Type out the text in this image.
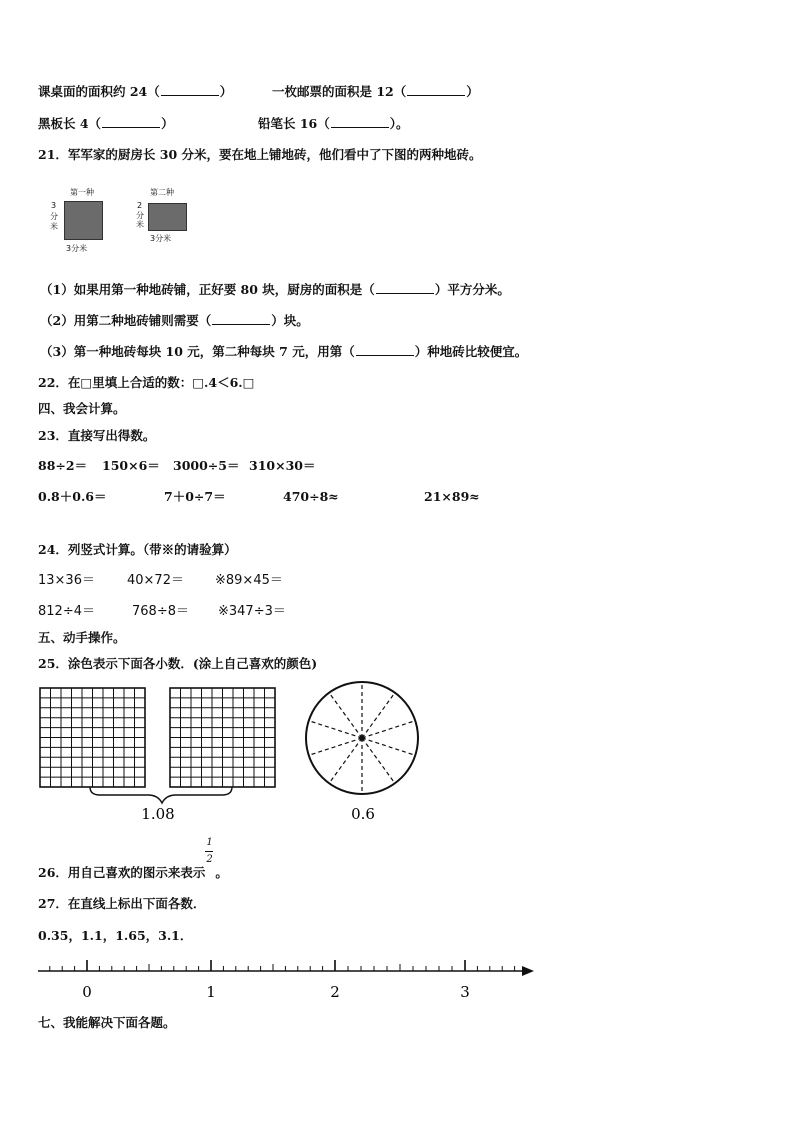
课桌面的面积约 24（	）	一枚邮票的面积是 12（	）
黑板长 4（	）	铅笔长 16（	）。
21．军军家的厨房长 30 分米，要在地上铺地砖，他们看中了下图的两种地砖。
第一种
3
分
米
3分米
第二种
2
分
米
3分米
（1）如果用第一种地砖铺，正好要 80 块，厨房的面积是（	）平方分米。
（2）用第二种地砖铺则需要（	）块。
（3）第一种地砖每块 10 元，第二种每块 7 元，用第（	）种地砖比较便宜。
22．在□里填上合适的数：□.4＜6.□
四、我会计算。
23．直接写出得数。
88÷2＝ 150×6＝ 3000÷5＝ 310×30＝
0.8＋0.6＝	7＋0÷7＝	470÷8≈	21×89≈
24．列竖式计算。（带※的请验算）
13×36＝ 40×72＝ ※89×45＝
812÷4＝	768÷8＝ ※347÷3＝
五、动手操作。
25．涂色表示下面各小数．(涂上自己喜欢的颜色)
1.08	0.6
0	1	2	3
26．用自己喜欢的图示来表示 $\frac{1}{2}$ 。
27．在直线上标出下面各数．
0.35，1.1，1.65，3.1．
七、我能解决下面各题。
